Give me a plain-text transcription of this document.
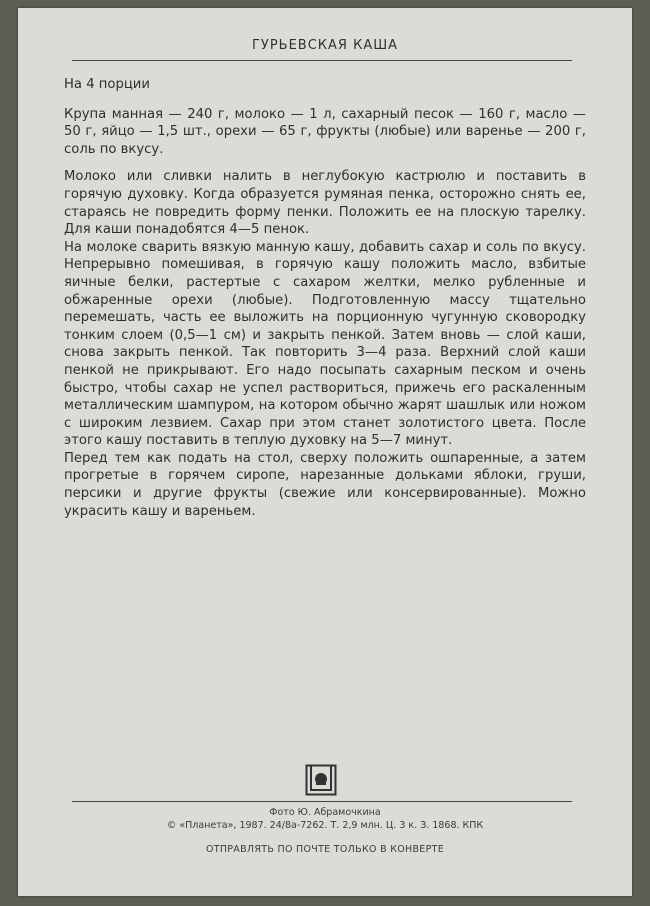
ГУРЬЕВСКАЯ КАША

На 4 порции

Крупа манная — 240 г, молоко — 1 л, сахарный песок — 160 г, масло — 50 г, яйцо — 1,5 шт., орехи — 65 г, фрукты (любые) или варенье — 200 г, соль по вкусу.

Молоко или сливки налить в неглубокую кастрюлю и поставить в горячую духовку. Когда образуется румяная пенка, осторожно снять ее, стараясь не повредить форму пенки. Положить ее на плоскую тарелку. Для каши понадобятся 4—5 пенок.

На молоке сварить вязкую манную кашу, добавить сахар и соль по вкусу. Непрерывно помешивая, в горячую кашу положить масло, взбитые яичные белки, растертые с сахаром желтки, мелко рубленные и обжаренные орехи (любые). Подготовленную массу тщательно перемешать, часть ее выложить на порционную чугунную сковородку тонким слоем (0,5—1 см) и закрыть пенкой. Затем вновь — слой каши, снова закрыть пенкой. Так повторить 3—4 раза. Верхний слой каши пенкой не прикрывают. Его надо посыпать сахарным песком и очень быстро, чтобы сахар не успел раствориться, прижечь его раскаленным металлическим шампуром, на котором обычно жарят шашлык или ножом с широким лезвием. Сахар при этом станет золотистого цвета. После этого кашу поставить в теплую духовку на 5—7 минут.

Перед тем как подать на стол, сверху положить ошпаренные, а затем прогретые в горячем сиропе, нарезанные дольками яблоки, груши, персики и другие фрукты (свежие или консервированные). Можно украсить кашу и вареньем.

Фото Ю. Абрамочкина
© «Планета», 1987. 24/8а-7262. Т. 2,9 млн. Ц. 3 к. З. 1868. КПК
ОТПРАВЛЯТЬ ПО ПОЧТЕ ТОЛЬКО В КОНВЕРТЕ
